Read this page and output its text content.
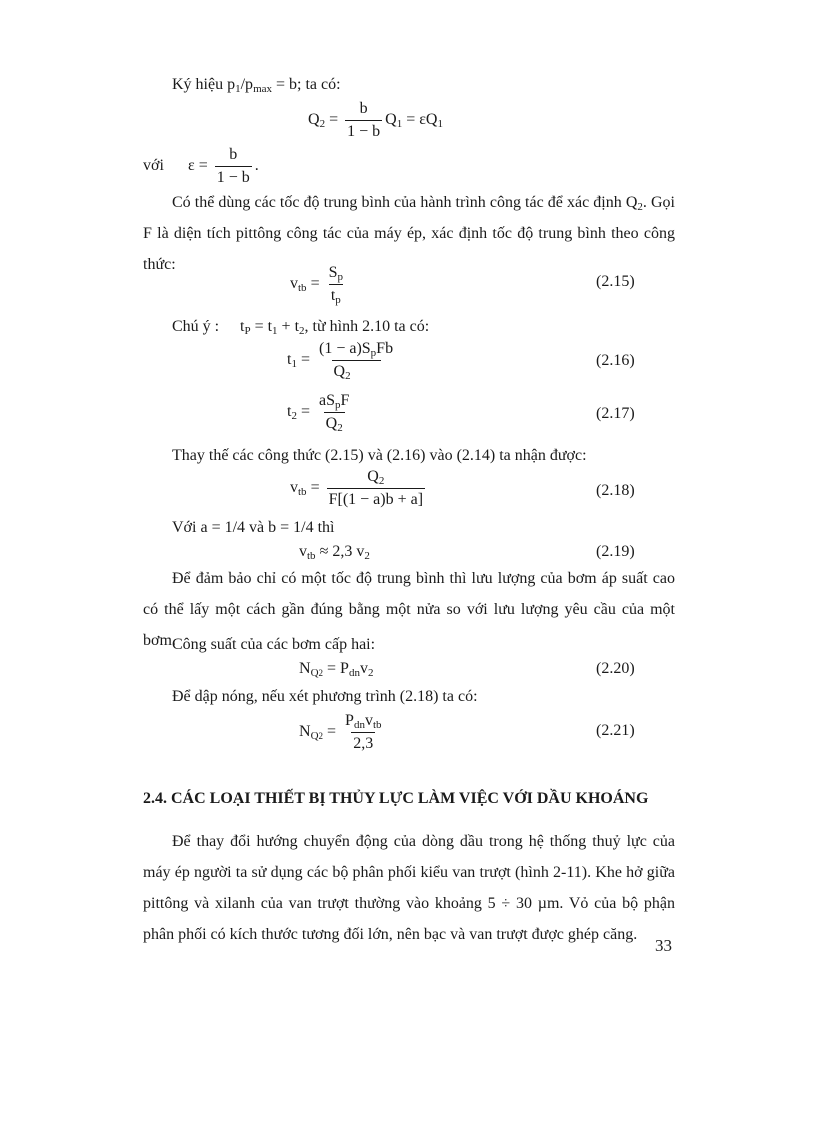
Ký hiệu $p_1/p_{max} = b$; ta có:
$Q_2 = \frac{b}{1 - b} Q_1 = \varepsilon Q_1$
với $\varepsilon = \frac{b}{1 - b}$ .
Có thể dùng các tốc độ trung bình của hành trình công tác để xác định $Q_2$. Gọi F là diện tích pittông công tác của máy ép, xác định tốc độ trung bình theo công thức:
$v_{tb} = \frac{S_p}{t_p}$	(2.15)
Chú ý : $t_P = t_1 + t_2$, từ hình 2.10 ta có:
$t_1 = \frac{(1 - a)S_pFb}{Q_2}$	(2.16)
$t_2 = \frac{aS_pF}{Q_2}$	(2.17)
Thay thế các công thức (2.15) và (2.16) vào (2.14) ta nhận được:
$v_{tb} = \frac{Q_2}{F[(1 - a)b + a]}$	(2.18)
Với a = 1/4 và b = 1/4 thì
$v_{tb} \approx 2,3$ $v_2$	(2.19)
Để đảm bảo chỉ có một tốc độ trung bình thì lưu lượng của bơm áp suất cao có thể lấy một cách gần đúng bằng một nửa so với lưu lượng yêu cầu của một bơm.
Công suất của các bơm cấp hai:
$N_{Q2} = P_{dn}v_2$	(2.20)
Để dập nóng, nếu xét phương trình (2.18) ta có:
$N_{Q2} = \frac{P_{dn}v_{tb}}{2,3}$	(2.21)
2.4. CÁC LOẠI THIẾT BỊ THỦY LỰC LÀM VIỆC VỚI DẦU KHOÁNG
Để thay đổi hướng chuyển động của dòng dầu trong hệ thống thuỷ lực của máy ép người ta sử dụng các bộ phân phối kiểu van trượt (hình 2-11). Khe hở giữa pittông và xilanh của van trượt thường vào khoảng 5 ÷ 30 µm. Vỏ của bộ phận phân phối có kích thước tương đối lớn, nên bạc và van trượt được ghép căng.
33
